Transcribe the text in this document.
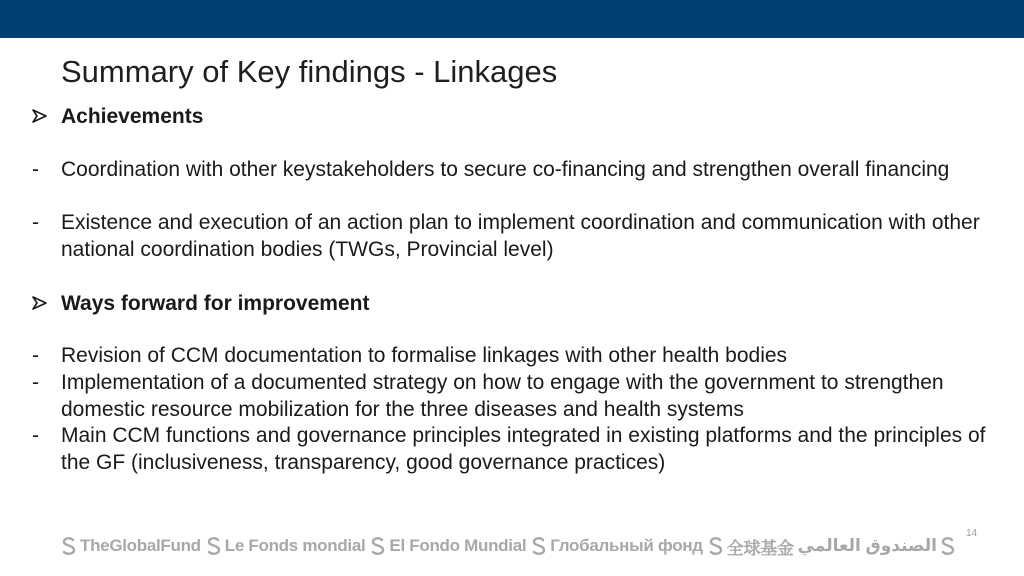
Summary of Key findings - Linkages
Achievements
- Coordination with other keystakeholders to secure co-financing and strengthen overall financing
- Existence and execution of an action plan to implement coordination and communication with other national coordination bodies (TWGs, Provincial level)
Ways forward for improvement
- Revision of CCM documentation to formalise linkages with other health bodies
- Implementation of a documented strategy on how to engage with the government to strengthen domestic resource mobilization for the three diseases and health systems
- Main CCM functions and governance principles integrated in existing platforms and the principles of the GF (inclusiveness, transparency, good governance practices)
14
TheGlobalFund Le Fonds mondial El Fondo Mundial Глобальный фонд 全球基金 الصندوق العالمي
